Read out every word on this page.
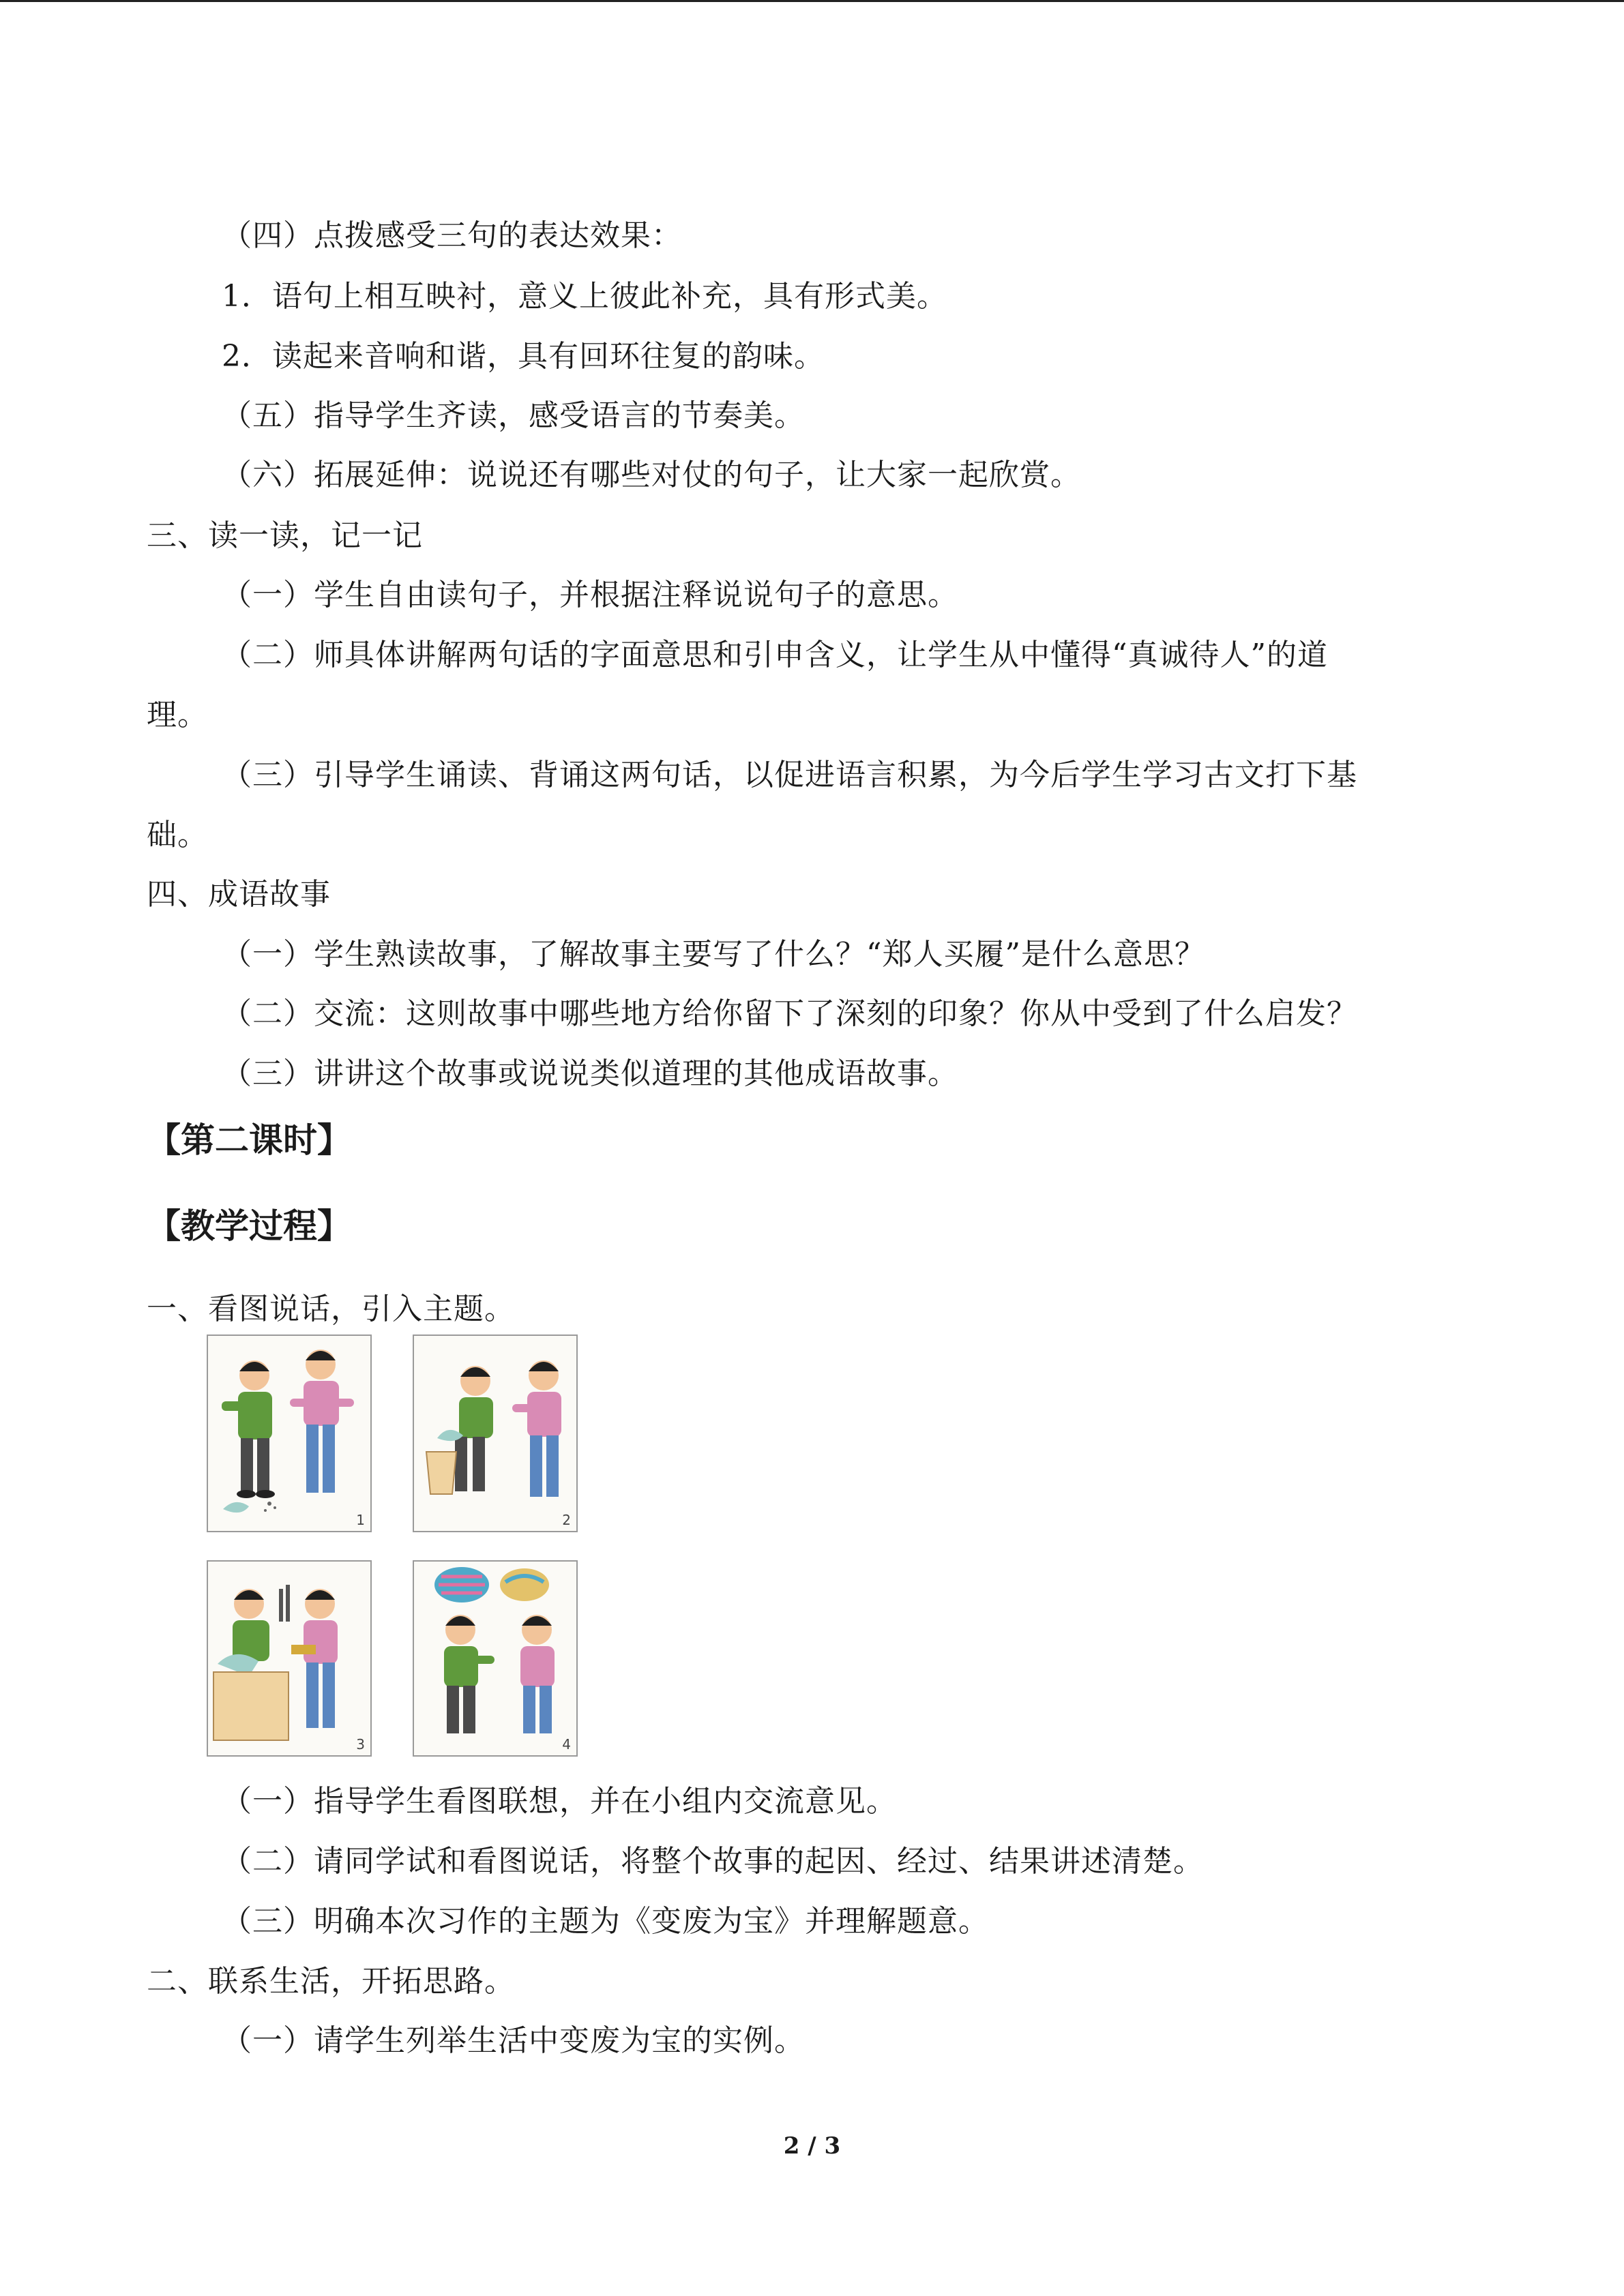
（四）点拨感受三句的表达效果：
1．语句上相互映衬，意义上彼此补充，具有形式美。
2．读起来音响和谐，具有回环往复的韵味。
（五）指导学生齐读，感受语言的节奏美。
（六）拓展延伸：说说还有哪些对仗的句子，让大家一起欣赏。
三、读一读，记一记
（一）学生自由读句子，并根据注释说说句子的意思。
（二）师具体讲解两句话的字面意思和引申含义，让学生从中懂得“真诚待人”的道
理。
（三）引导学生诵读、背诵这两句话，以促进语言积累，为今后学生学习古文打下基
础。
四、成语故事
（一）学生熟读故事，了解故事主要写了什么？“郑人买履”是什么意思？
（二）交流：这则故事中哪些地方给你留下了深刻的印象？你从中受到了什么启发？
（三）讲讲这个故事或说说类似道理的其他成语故事。
【第二课时】
【教学过程】
一、看图说话，引入主题。
1	2
3	4
（一）指导学生看图联想，并在小组内交流意见。
（二）请同学试和看图说话，将整个故事的起因、经过、结果讲述清楚。
（三）明确本次习作的主题为《变废为宝》并理解题意。
二、联系生活，开拓思路。
（一）请学生列举生活中变废为宝的实例。
2 / 3
